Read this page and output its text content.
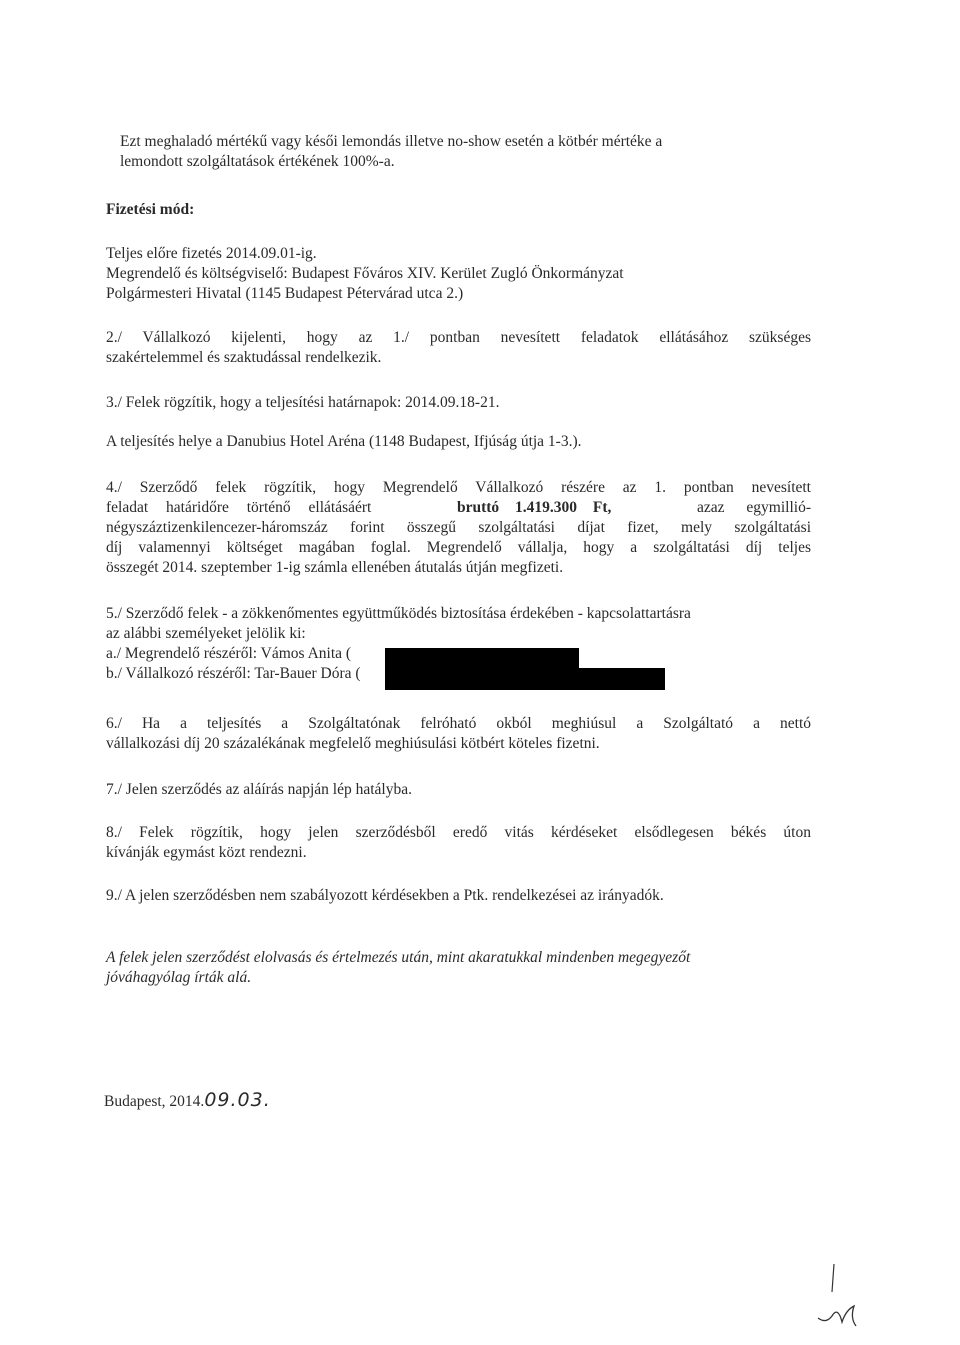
Ezt meghaladó mértékű vagy késői lemondás illetve no-show esetén a kötbér mértéke a
lemondott szolgáltatások értékének 100%-a.
Fizetési mód:
Teljes előre fizetés 2014.09.01-ig.
Megrendelő és költségviselő: Budapest Főváros XIV. Kerület Zugló Önkormányzat
Polgármesteri Hivatal (1145 Budapest Pétervárad utca 2.)
2./ Vállalkozó kijelenti, hogy az 1./ pontban nevesített feladatok ellátásához szükséges
szakértelemmel és szaktudással rendelkezik.
3./ Felek rögzítik, hogy a teljesítési határnapok: 2014.09.18-21.
A teljesítés helye a Danubius Hotel Aréna (1148 Budapest, Ifjúság útja 1-3.).
4./ Szerződő felek rögzítik, hogy Megrendelő Vállalkozó részére az 1. pontban nevesített
feladat határidőre történő ellátásáért	bruttó 1.419.300 Ft,	azaz egymillió-
négyszáztizenkilencezer-háromszáz forint összegű szolgáltatási díjat fizet, mely szolgáltatási
díj valamennyi költséget magában foglal. Megrendelő vállalja, hogy a szolgáltatási díj teljes
összegét 2014. szeptember 1-ig számla ellenében átutalás útján megfizeti.
5./ Szerződő felek - a zökkenőmentes együttműködés biztosítása érdekében - kapcsolattartásra
az alábbi személyeket jelölik ki:
a./ Megrendelő részéről: Vámos Anita (
b./ Vállalkozó részéről: Tar-Bauer Dóra (
6./ Ha a teljesítés a Szolgáltatónak felróható okból meghiúsul a Szolgáltató a nettó
vállalkozási díj 20 százalékának megfelelő meghiúsulási kötbért köteles fizetni.
7./ Jelen szerződés az aláírás napján lép hatályba.
8./ Felek rögzítik, hogy jelen szerződésből eredő vitás kérdéseket elsődlegesen békés úton
kívánják egymást közt rendezni.
9./ A jelen szerződésben nem szabályozott kérdésekben a Ptk. rendelkezései az irányadók.
A felek jelen szerződést elolvasás és értelmezés után, mint akaratukkal mindenben megegyezőt
jóváhagyólag írták alá.
Budapest, 2014.09.03.
